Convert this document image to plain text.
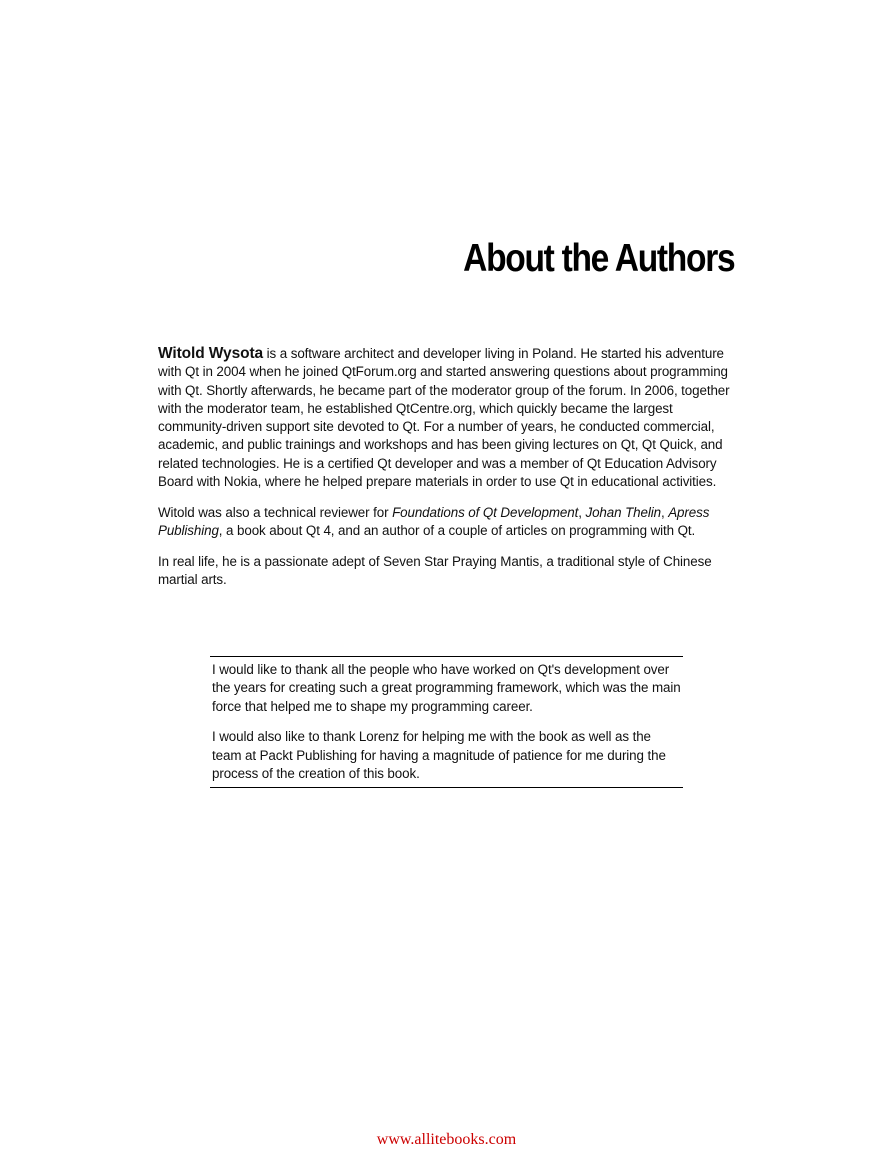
About the Authors

Witold Wysota is a software architect and developer living in Poland. He started his adventure with Qt in 2004 when he joined QtForum.org and started answering questions about programming with Qt. Shortly afterwards, he became part of the moderator group of the forum. In 2006, together with the moderator team, he established QtCentre.org, which quickly became the largest community-driven support site devoted to Qt. For a number of years, he conducted commercial, academic, and public trainings and workshops and has been giving lectures on Qt, Qt Quick, and related technologies. He is a certified Qt developer and was a member of Qt Education Advisory Board with Nokia, where he helped prepare materials in order to use Qt in educational activities.

Witold was also a technical reviewer for Foundations of Qt Development, Johan Thelin, Apress Publishing, a book about Qt 4, and an author of a couple of articles on programming with Qt.

In real life, he is a passionate adept of Seven Star Praying Mantis, a traditional style of Chinese martial arts.

I would like to thank all the people who have worked on Qt's development over the years for creating such a great programming framework, which was the main force that helped me to shape my programming career.

I would also like to thank Lorenz for helping me with the book as well as the team at Packt Publishing for having a magnitude of patience for me during the process of the creation of this book.

www.allitebooks.com
